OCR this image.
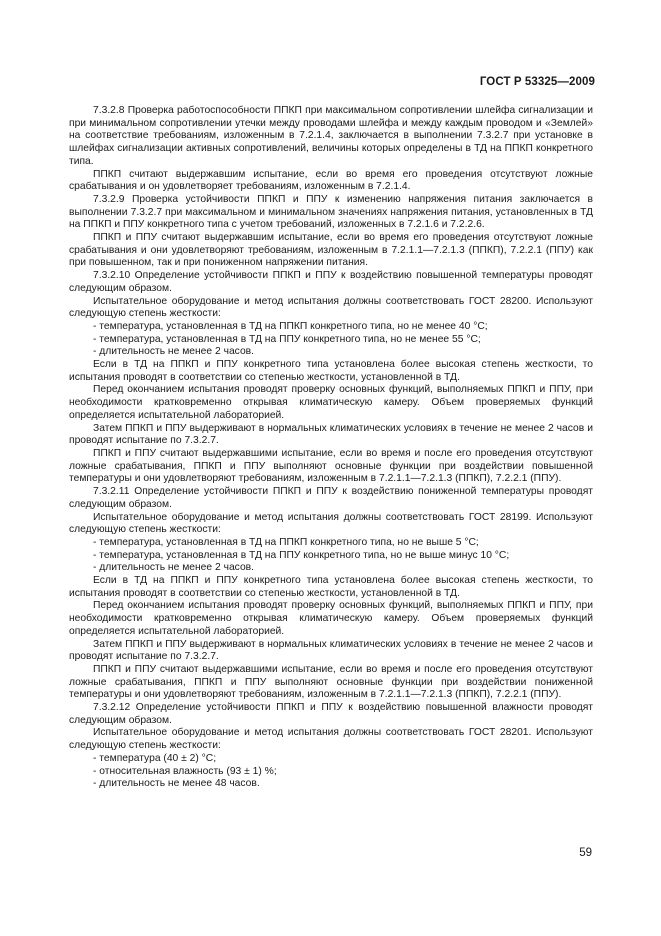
ГОСТ Р 53325—2009

7.3.2.8 Проверка работоспособности ППКП при максимальном сопротивлении шлейфа сигнализации и при минимальном сопротивлении утечки между проводами шлейфа и между каждым проводом и «Землей» на соответствие требованиям, изложенным в 7.2.1.4, заключается в выполнении 7.3.2.7 при установке в шлейфах сигнализации активных сопротивлений, величины которых определены в ТД на ППКП конкретного типа.

ППКП считают выдержавшим испытание, если во время его проведения отсутствуют ложные срабатывания и он удовлетворяет требованиям, изложенным в 7.2.1.4.

7.3.2.9 Проверка устойчивости ППКП и ППУ к изменению напряжения питания заключается в выполнении 7.3.2.7 при максимальном и минимальном значениях напряжения питания, установленных в ТД на ППКП и ППУ конкретного типа с учетом требований, изложенных в 7.2.1.6 и 7.2.2.6.

ППКП и ППУ считают выдержавшим испытание, если во время его проведения отсутствуют ложные срабатывания и они удовлетворяют требованиям, изложенным в 7.2.1.1—7.2.1.3 (ППКП), 7.2.2.1 (ППУ) как при повышенном, так и при пониженном напряжении питания.

7.3.2.10 Определение устойчивости ППКП и ППУ к воздействию повышенной температуры проводят следующим образом.

Испытательное оборудование и метод испытания должны соответствовать ГОСТ 28200. Используют следующую степень жесткости:

- температура, установленная в ТД на ППКП конкретного типа, но не менее 40 °С;

- температура, установленная в ТД на ППУ конкретного типа, но не менее 55 °С;

- длительность не менее 2 часов.

Если в ТД на ППКП и ППУ конкретного типа установлена более высокая степень жесткости, то испытания проводят в соответствии со степенью жесткости, установленной в ТД.

Перед окончанием испытания проводят проверку основных функций, выполняемых ППКП и ППУ, при необходимости кратковременно открывая климатическую камеру. Объем проверяемых функций определяется испытательной лабораторией.

Затем ППКП и ППУ выдерживают в нормальных климатических условиях в течение не менее 2 часов и проводят испытание по 7.3.2.7.

ППКП и ППУ считают выдержавшими испытание, если во время и после его проведения отсутствуют ложные срабатывания, ППКП и ППУ выполняют основные функции при воздействии повышенной температуры и они удовлетворяют требованиям, изложенным в 7.2.1.1—7.2.1.3 (ППКП), 7.2.2.1 (ППУ).

7.3.2.11 Определение устойчивости ППКП и ППУ к воздействию пониженной температуры проводят следующим образом.

Испытательное оборудование и метод испытания должны соответствовать ГОСТ 28199. Используют следующую степень жесткости:

- температура, установленная в ТД на ППКП конкретного типа, но не выше 5 °С;

- температура, установленная в ТД на ППУ конкретного типа, но не выше минус 10 °С;

- длительность не менее 2 часов.

Если в ТД на ППКП и ППУ конкретного типа установлена более высокая степень жесткости, то испытания проводят в соответствии со степенью жесткости, установленной в ТД.

Перед окончанием испытания проводят проверку основных функций, выполняемых ППКП и ППУ, при необходимости кратковременно открывая климатическую камеру. Объем проверяемых функций определяется испытательной лабораторией.

Затем ППКП и ППУ выдерживают в нормальных климатических условиях в течение не менее 2 часов и проводят испытание по 7.3.2.7.

ППКП и ППУ считают выдержавшими испытание, если во время и после его проведения отсутствуют ложные срабатывания, ППКП и ППУ выполняют основные функции при воздействии пониженной температуры и они удовлетворяют требованиям, изложенным в 7.2.1.1—7.2.1.3 (ППКП), 7.2.2.1 (ППУ).

7.3.2.12 Определение устойчивости ППКП и ППУ к воздействию повышенной влажности проводят следующим образом.

Испытательное оборудование и метод испытания должны соответствовать ГОСТ 28201. Используют следующую степень жесткости:

- температура (40 ± 2) °С;

- относительная влажность (93 ± 1) %;

- длительность не менее 48 часов.

59
